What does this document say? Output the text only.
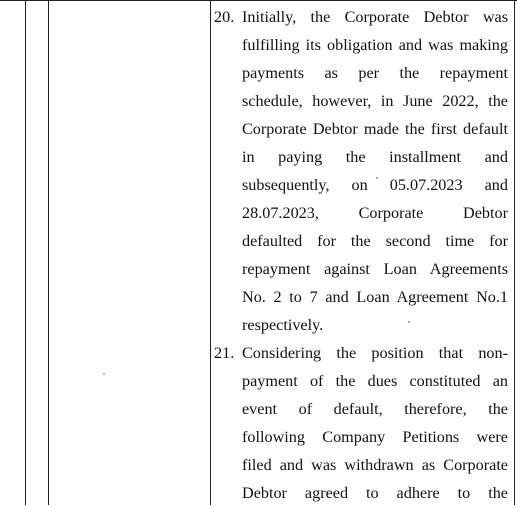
20. Initially, the Corporate Debtor was
fulfilling its obligation and was making
payments as per the repayment
schedule, however, in June 2022, the
Corporate Debtor made the first default
in paying the installment and
subsequently, on 05.07.2023 and
28.07.2023, Corporate Debtor
defaulted for the second time for
repayment against Loan Agreements
No. 2 to 7 and Loan Agreement No.1
respectively.
21. Considering the position that non-
payment of the dues constituted an
event of default, therefore, the
following Company Petitions were
filed and was withdrawn as Corporate
Debtor agreed to adhere to the
